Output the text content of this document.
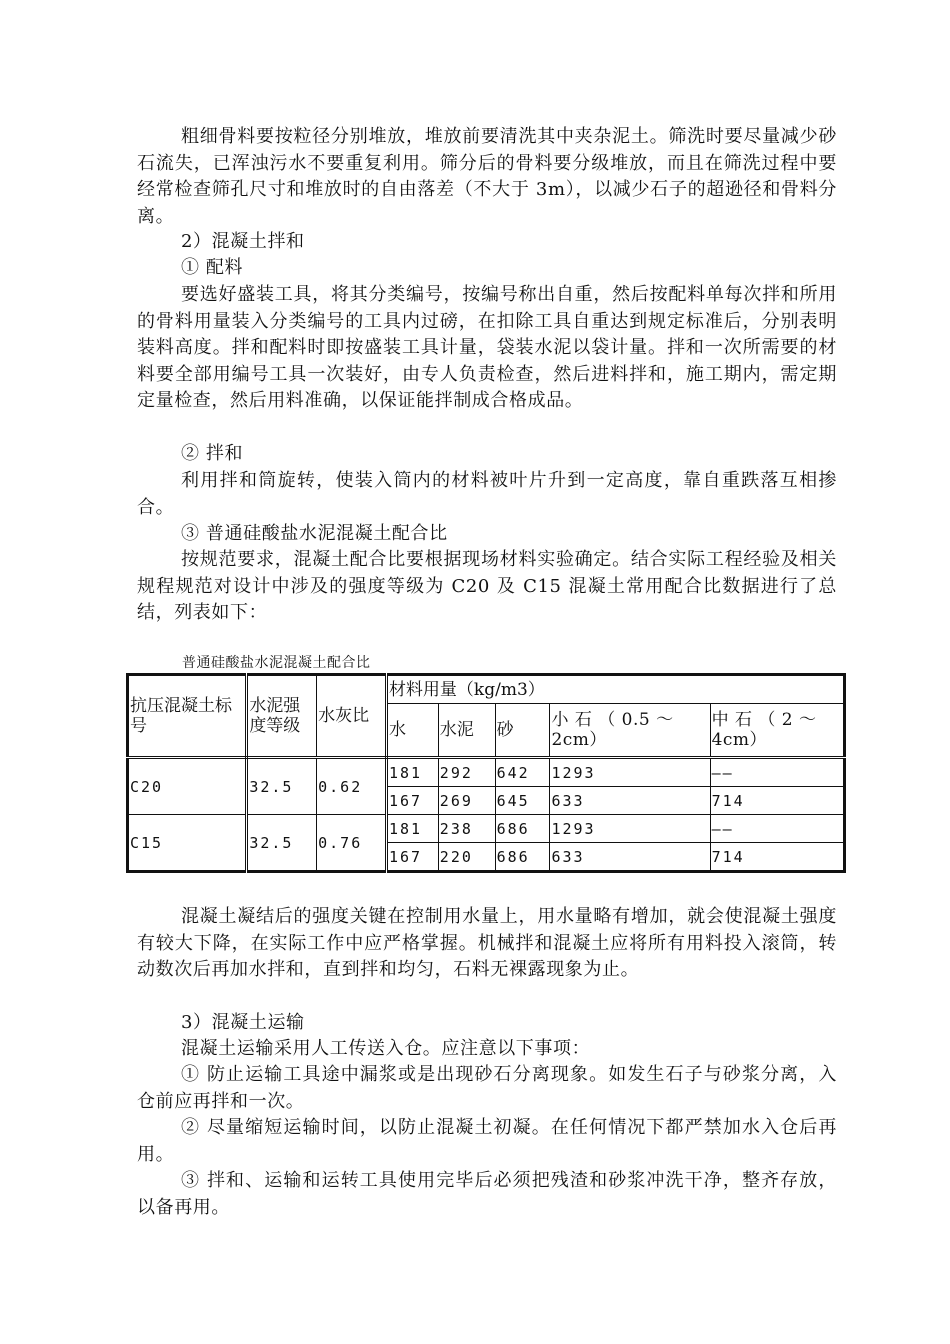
粗细骨料要按粒径分别堆放，堆放前要清洗其中夹杂泥土。筛洗时要尽量减少砂石流失，已浑浊污水不要重复利用。筛分后的骨料要分级堆放，而且在筛洗过程中要经常检查筛孔尺寸和堆放时的自由落差（不大于 3m），以减少石子的超逊径和骨料分离。

2）混凝土拌和

① 配料

要选好盛装工具，将其分类编号，按编号称出自重，然后按配料单每次拌和所用的骨料用量装入分类编号的工具内过磅，在扣除工具自重达到规定标准后，分别表明装料高度。拌和配料时即按盛装工具计量，袋装水泥以袋计量。拌和一次所需要的材料要全部用编号工具一次装好，由专人负责检查，然后进料拌和，施工期内，需定期定量检查，然后用料准确，以保证能拌制成合格成品。

② 拌和

利用拌和筒旋转，使装入筒内的材料被叶片升到一定高度，靠自重跌落互相掺合。

③ 普通硅酸盐水泥混凝土配合比

按规范要求，混凝土配合比要根据现场材料实验确定。结合实际工程经验及相关规程规范对设计中涉及的强度等级为 C20 及 C15 混凝土常用配合比数据进行了总结，列表如下：

普通硅酸盐水泥混凝土配合比

抗压混凝土标　号	水泥强度等级	水灰比	材料用量（kg/m3）				
			水	水泥	砂	小 石 （ 0.5 ～ 2cm）	中 石 （ 2 ～ 4cm）
C20	32.5	0.62	181	292	642	1293	——
			167	269	645	633	714
C15	32.5	0.76	181	238	686	1293	——
			167	220	686	633	714

混凝土凝结后的强度关键在控制用水量上，用水量略有增加，就会使混凝土强度有较大下降，在实际工作中应严格掌握。机械拌和混凝土应将所有用料投入滚筒，转动数次后再加水拌和，直到拌和均匀，石料无裸露现象为止。

3）混凝土运输

混凝土运输采用人工传送入仓。应注意以下事项：

① 防止运输工具途中漏浆或是出现砂石分离现象。如发生石子与砂浆分离，入仓前应再拌和一次。

② 尽量缩短运输时间，以防止混凝土初凝。在任何情况下都严禁加水入仓后再用。

③ 拌和、运输和运转工具使用完毕后必须把残渣和砂浆冲洗干净，整齐存放，以备再用。
